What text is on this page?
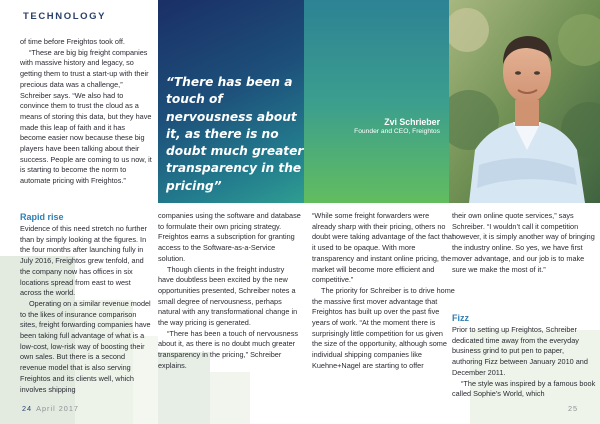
TECHNOLOGY

of time before Freightos took off.

“These are big big freight companies with massive history and legacy, so getting them to trust a start-up with their precious data was a challenge,” Schreiber says. “We also had to convince them to trust the cloud as a means of storing this data, but they have made this leap of faith and it has become easier now because these big players have been talking about their success. People are coming to us now, it is starting to become the norm to automate pricing with Freightos.”

Rapid rise

Evidence of this need stretch no further than by simply looking at the figures. In the four months after launching fully in July 2016, Freightos grew tenfold, and the company now has offices in six locations spread from east to west across the world.

Operating on a similar revenue model to the likes of insurance comparison sites, freight forwarding companies have been taking full advantage of what is a low-cost, low-risk way of boosting their own sales. But there is a second revenue model that is also serving Freightos and its clients well, which involves shipping

companies using the software and database to formulate their own pricing strategy. Freightos earns a subscription for granting access to the Software-as-a-Service solution.

Though clients in the freight industry have doubtless been excited by the new opportunities presented, Schreiber notes a small degree of nervousness, perhaps natural with any transformational change in the way pricing is generated.

“There has been a touch of nervousness about it, as there is no doubt much greater transparency in the pricing,” Schreiber explains.

“While some freight forwarders were already sharp with their pricing, others no doubt were taking advantage of the fact that it used to be opaque. With more transparency and instant online pricing, the market will become more efficient and competitive.”

The priority for Schreiber is to drive home the massive first mover advantage that Freightos has built up over the past five years of work. “At the moment there is surprisingly little competition for us given the size of the opportunity, although some individual shipping companies like Kuehne+Nagel are starting to offer

their own online quote services,” says Schreiber. “I wouldn’t call it competition however, it is simply another way of bringing the industry online. So yes, we have first mover advantage, and our job is to make sure we make the most of it.”

Fizz

Prior to setting up Freightos, Schreiber dedicated time away from the everyday business grind to put pen to paper, authoring Fizz between January 2010 and December 2011.

“The style was inspired by a famous book called Sophie’s World, which

“There has been a touch of nervousness about it, as there is no doubt much greater transparency in the pricing”
Zvi Schrieber
Founder and CEO, Freightos
24 April 2017	25
